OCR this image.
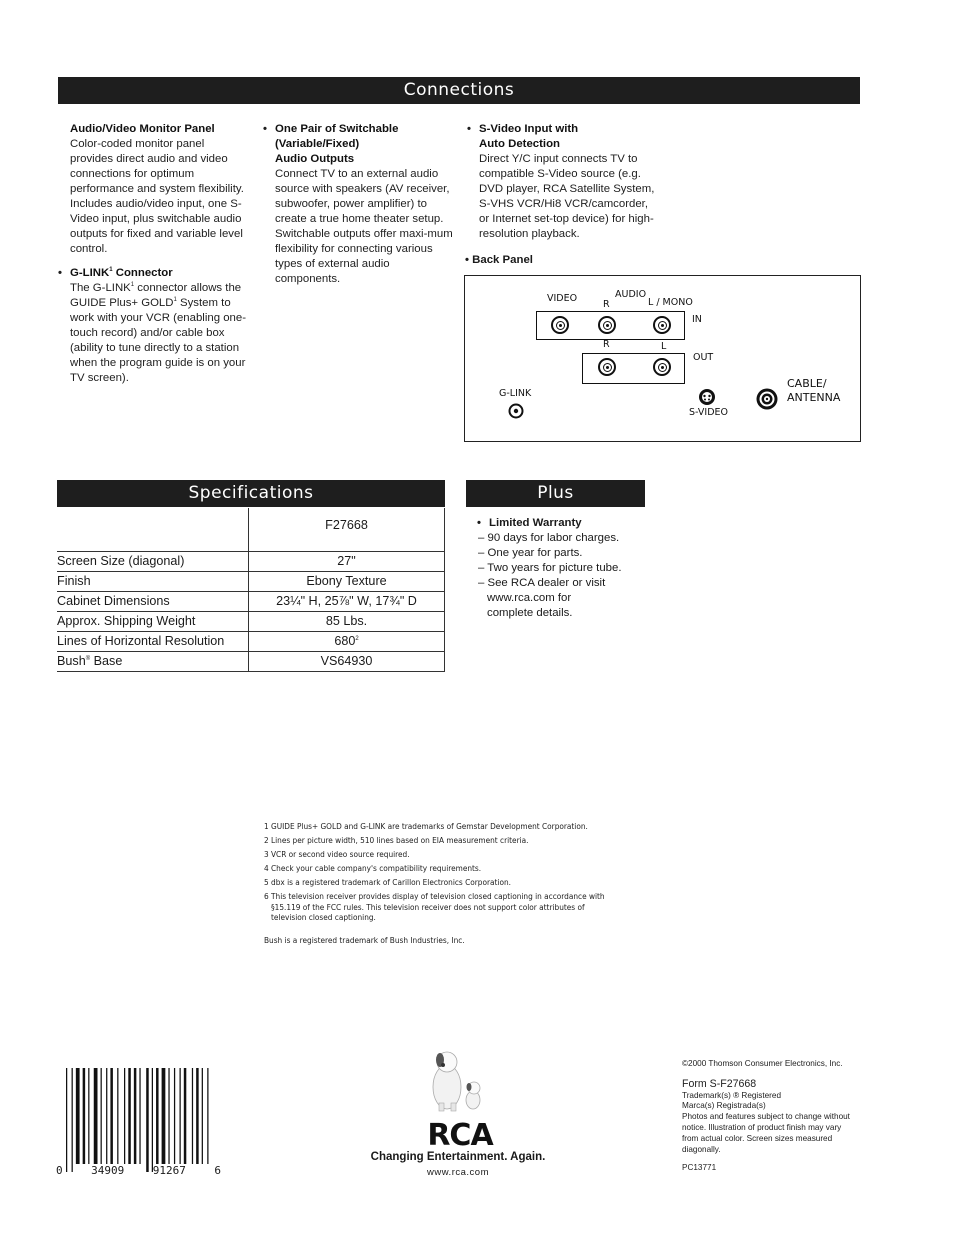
Connections
Audio/Video Monitor Panel
Color-coded monitor panel provides direct audio and video connections for optimum performance and system flexibility. Includes audio/video input, one S-Video input, plus switchable audio outputs for fixed and variable level control.
• G-LINK$^1$ Connector
The G-LINK$^1$ connector allows the GUIDE Plus+ $GOLD^1$ System to work with your VCR (enabling one-touch record) and/or cable box (ability to tune directly to a station when the program guide is on your TV screen).
• One Pair of Switchable
(Variable/Fixed)
Audio Outputs
Connect TV to an external audio source with speakers (AV receiver, subwoofer, power amplifier) to create a true home theater setup. Switchable outputs offer maxi-mum flexibility for connecting various types of external audio components.
• S-Video Input with
Auto Detection
Direct Y/C input connects TV to compatible S-Video source (e.g. DVD player, RCA Satellite System, S-VHS VCR/Hi8 VCR/camcorder, or Internet set-top device) for high-resolution playback.
• Back Panel
VIDEO	AUDIO
R	L / MONO
IN
R	L
OUT
G-LINK
S-VIDEO
CABLE/
ANTENNA
Specifications
	F27668
Screen Size (diagonal)	27"
Finish	Ebony Texture
Cabinet Dimensions	23¼" H, 25⅞" W, 17¾" D
Approx. Shipping Weight	85 Lbs.
Lines of Horizontal Resolution	$680^2$
Bush® Base	VS64930
Plus
• Limited Warranty
– 90 days for labor charges.
– One year for parts.
– Two years for picture tube.
– See RCA dealer or visit
www.rca.com for
complete details.
1 GUIDE Plus+ GOLD and G-LINK are trademarks of Gemstar Development Corporation.
2 Lines per picture width, 510 lines based on EIA measurement criteria.
3 VCR or second video source required.
4 Check your cable company's compatibility requirements.
5 dbx is a registered trademark of Carillon Electronics Corporation.
6 This television receiver provides display of television closed captioning in accordance with §15.119 of the FCC rules. This television receiver does not support color attributes of television closed captioning.
Bush is a registered trademark of Bush Industries, Inc.
0	34909	91267	6
RCA
Changing Entertainment. Again.
www.rca.com
©2000 Thomson Consumer Electronics, Inc.
Form S-F27668
Trademark(s) ® Registered
Marca(s) Registrada(s)
Photos and features subject to change without notice. Illustration of product finish may vary from actual color. Screen sizes measured diagonally.
PC13771
